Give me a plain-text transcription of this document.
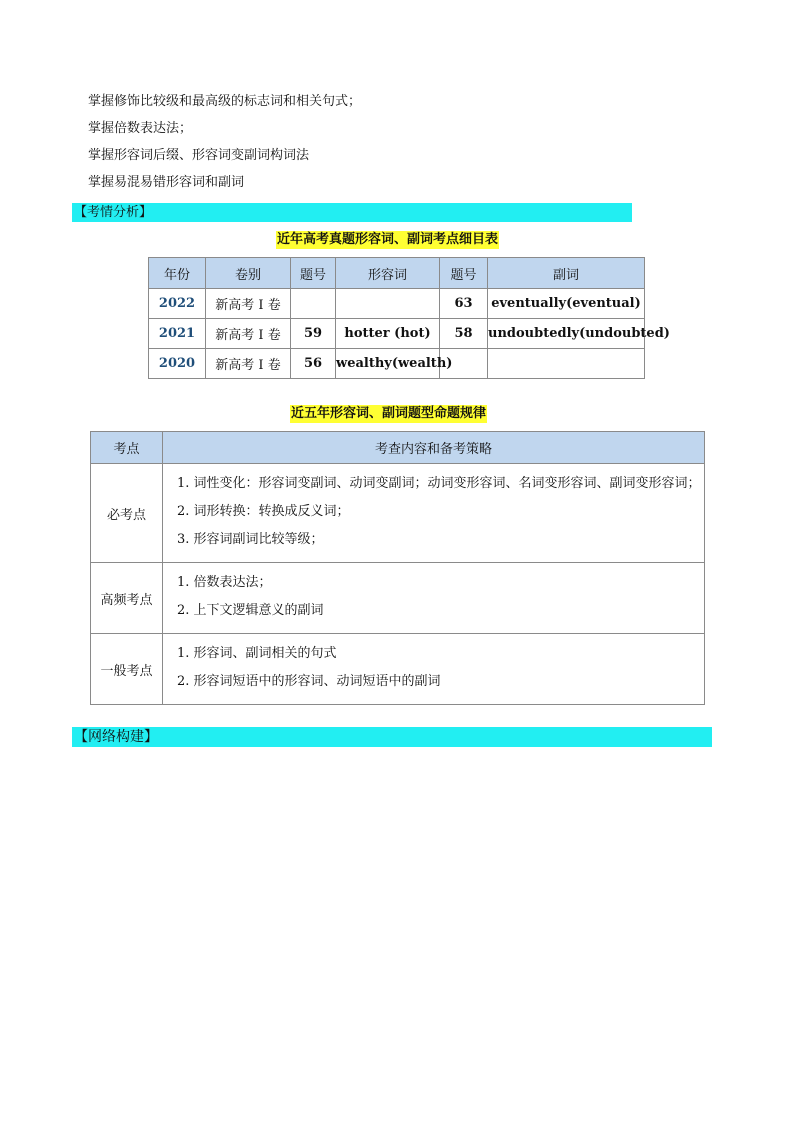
掌握修饰比较级和最高级的标志词和相关句式；
掌握倍数表达法；
掌握形容词后缀、形容词变副词构词法
掌握易混易错形容词和副词
【考情分析】
近年高考真题形容词、副词考点细目表
年份	卷别	题号	形容词	题号	副词
2022	新高考 I 卷			63	eventually(eventual)
2021	新高考 I 卷	59	hotter (hot)	58	undoubtedly(undoubted)
2020	新高考 I 卷	56	wealthy(wealth)		
近五年形容词、副词题型命题规律
考点	考查内容和备考策略
必考点	1. 词性变化：形容词变副词、动词变副词；动词变形容词、名词变形容词、副词变形容词；
2. 词形转换：转换成反义词；
3. 形容词副词比较等级；

高频考点	1. 倍数表达法；
2. 上下文逻辑意义的副词

一般考点	1. 形容词、副词相关的句式
2. 形容词短语中的形容词、动词短语中的副词
【网络构建】
